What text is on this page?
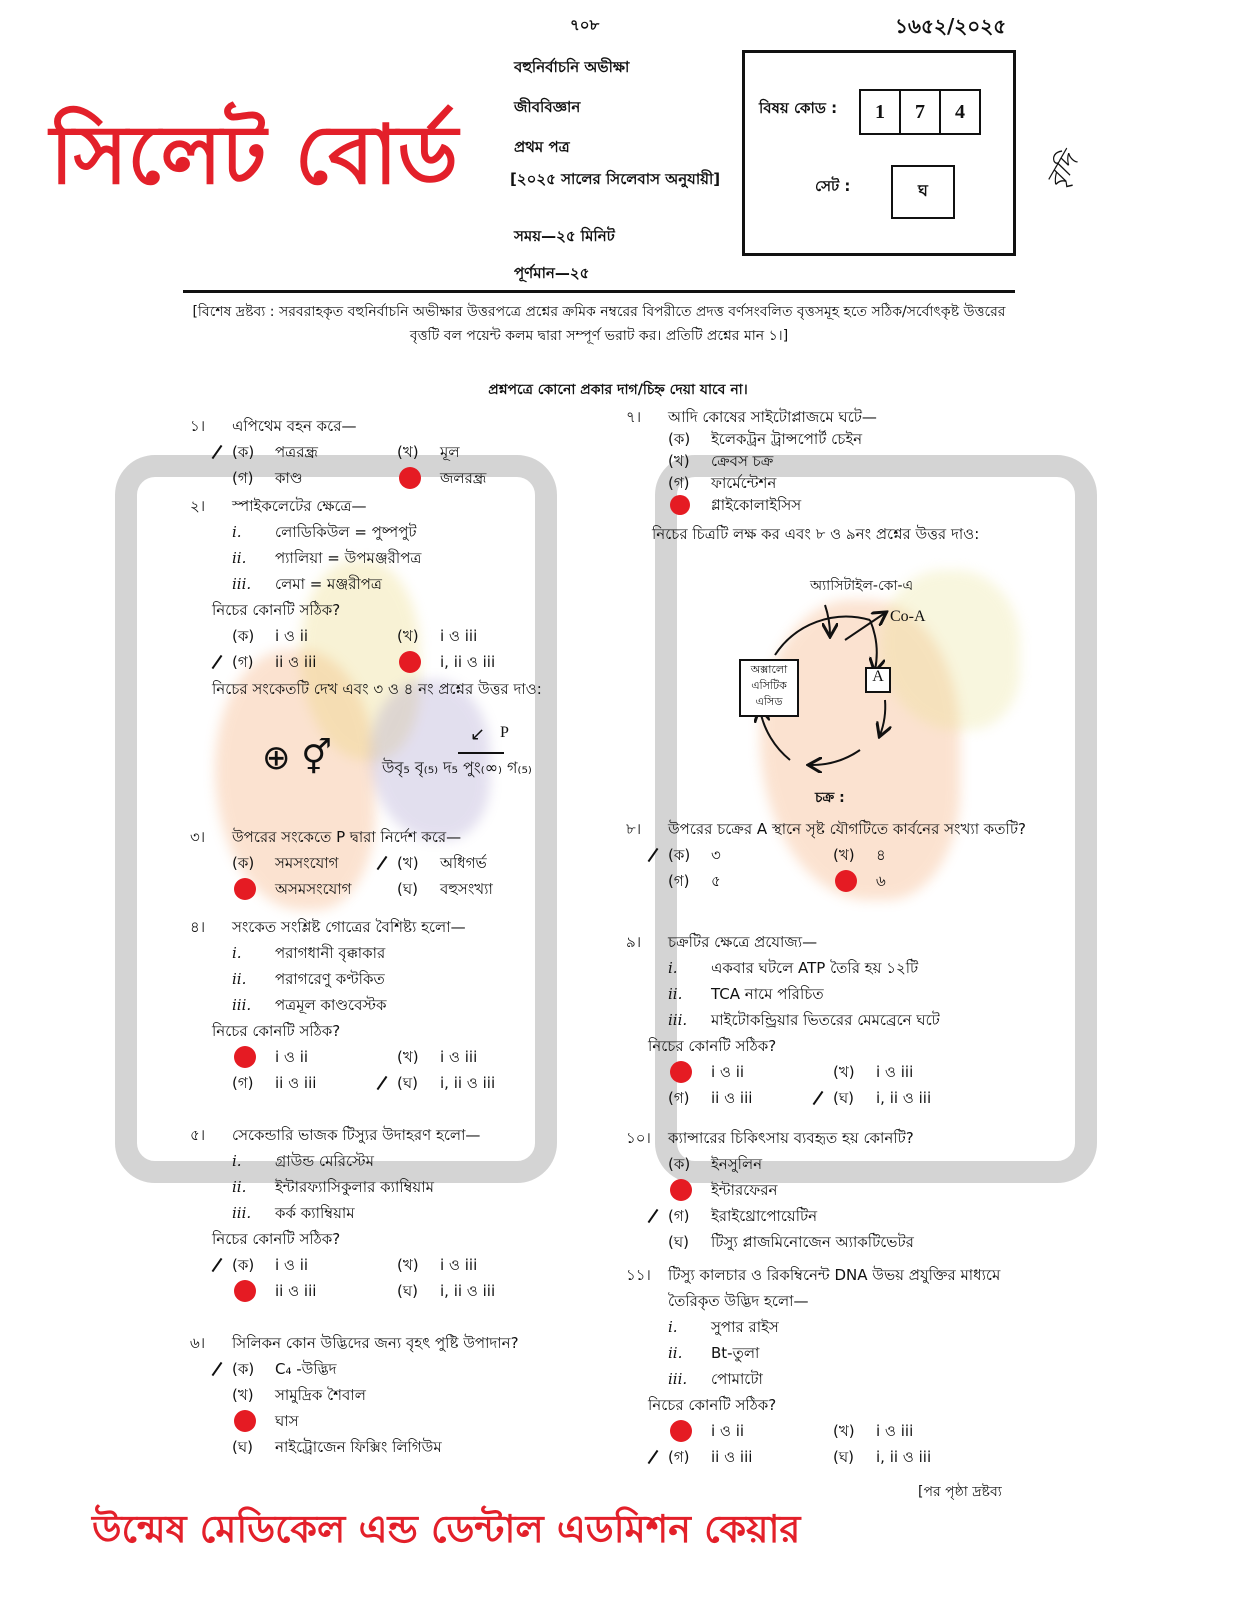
সিলেট বোর্ড
৭০৮	১৬৫২/২০২৫
বহুনির্বাচনি অভীক্ষা
জীববিজ্ঞান
প্রথম পত্র
[২০২৫ সালের সিলেবাস অনুযায়ী]
সময়—২৫ মিনিট
পূর্ণমান—২৫
বিষয় কোড :	1 7 4
সেট :	ঘ	বৃদি
[বিশেষ দ্রষ্টব্য : সরবরাহকৃত বহুনির্বাচনি অভীক্ষার উত্তরপত্রে প্রশ্নের ক্রমিক নম্বরের বিপরীতে প্রদত্ত বর্ণসংবলিত বৃত্তসমূহ হতে সঠিক/সর্বোৎকৃষ্ট উত্তরের বৃত্তটি বল পয়েন্ট কলম দ্বারা সম্পূর্ণ ভরাট কর। প্রতিটি প্রশ্নের মান ১।]
প্রশ্নপত্রে কোনো প্রকার দাগ/চিহ্ন দেয়া যাবে না।
নিচের সংকেতটি দেখ এবং ৩ ও ৪ নং প্রশ্নের উত্তর দাও:
নিচের চিত্রটি লক্ষ কর এবং ৮ ও ৯নং প্রশ্নের উত্তর দাও:
⊕ ⚥	উবৃ₅ বৃ₍₅₎ দ₅ পুং₍∞₎ গ₍₅₎
↙ P
অ্যাসিটাইল-কো-এ
Co-A
A
অক্সালো এসিটিক এসিড
চক্র :
১। এপিথেম বহন করে—
(ক) পত্ররন্ধ্র	(খ) মূল
(গ) কাণ্ড	জলরন্ধ্র
২। স্পাইকলেটের ক্ষেত্রে—
i. লোডিকিউল = পুষ্পপুট
ii. প্যালিয়া = উপমঞ্জরীপত্র
iii. লেমা = মঞ্জরীপত্র
নিচের কোনটি সঠিক?
(ক) i ও ii	(খ) i ও iii
(গ) ii ও iii	i, ii ও iii
৩। উপরের সংকেতে P দ্বারা নির্দেশ করে—
(ক) সমসংযোগ	(খ) অধিগর্ভ
অসমসংযোগ	(ঘ) বহুসংখ্যা
৪। সংকেত সংশ্লিষ্ট গোত্রের বৈশিষ্ট্য হলো—
i. পরাগধানী বৃক্কাকার
ii. পরাগরেণু কণ্টকিত
iii. পত্রমূল কাণ্ডবেস্টক
নিচের কোনটি সঠিক?
i ও ii	(খ) i ও iii
(গ) ii ও iii	(ঘ) i, ii ও iii
৫। সেকেন্ডারি ভাজক টিস্যুর উদাহরণ হলো—
i. গ্রাউন্ড মেরিস্টেম
ii. ইন্টারফ্যাসিকুলার ক্যাম্বিয়াম
iii. কর্ক ক্যাম্বিয়াম
নিচের কোনটি সঠিক?
(ক) i ও ii	(খ) i ও iii
ii ও iii	(ঘ) i, ii ও iii
৬। সিলিকন কোন উদ্ভিদের জন্য বৃহৎ পুষ্টি উপাদান?
(ক) C₄ -উদ্ভিদ
(খ) সামুদ্রিক শৈবাল
ঘাস
(ঘ) নাইট্রোজেন ফিক্সিং লিগিউম
৭। আদি কোষের সাইটোপ্লাজমে ঘটে—
(ক) ইলেকট্রন ট্রান্সপোর্ট চেইন
(খ) ক্রেবস চক্র
(গ) ফার্মেন্টেশন
গ্লাইকোলাইসিস
৮। উপরের চক্রের A স্থানে সৃষ্ট যৌগটিতে কার্বনের সংখ্যা কতটি?
(ক) ৩	(খ) ৪
(গ) ৫	৬
৯। চক্রটির ক্ষেত্রে প্রযোজ্য—
i. একবার ঘটলে ATP তৈরি হয় ১২টি
ii. TCA নামে পরিচিত
iii. মাইটোকন্ড্রিয়ার ভিতরের মেমব্রেনে ঘটে
নিচের কোনটি সঠিক?
i ও ii	(খ) i ও iii
(গ) ii ও iii	(ঘ) i, ii ও iii
১০। ক্যান্সারের চিকিৎসায় ব্যবহৃত হয় কোনটি?
(ক) ইনসুলিন
ইন্টারফেরন
(গ) ইরাইথ্রোপোয়েটিন
(ঘ) টিস্যু প্লাজমিনোজেন অ্যাকটিভেটর
১১। টিস্যু কালচার ও রিকম্বিনেন্ট DNA উভয় প্রযুক্তির মাধ্যমে তৈরিকৃত উদ্ভিদ হলো—
i. সুপার রাইস
ii. Bt-তুলা
iii. পোমাটো
নিচের কোনটি সঠিক?
i ও ii	(খ) i ও iii
(গ) ii ও iii	(ঘ) i, ii ও iii
[পর পৃষ্ঠা দ্রষ্টব্য
উন্মেষ মেডিকেল এন্ড ডেন্টাল এডমিশন কেয়ার
